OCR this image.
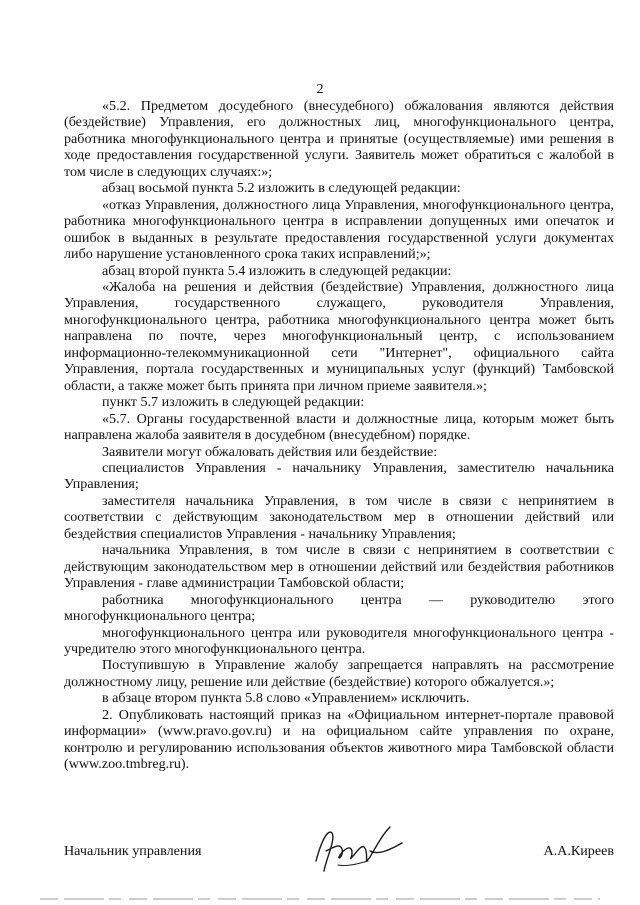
2

«5.2. Предметом досудебного (внесудебного) обжалования являются действия (бездействие) Управления, его должностных лиц, многофункционального центра, работника многофункционального центра и принятые (осуществляемые) ими решения в ходе предоставления государственной услуги. Заявитель может обратиться с жалобой в том числе в следующих случаях:»;

абзац восьмой пункта 5.2 изложить в следующей редакции:

«отказ Управления, должностного лица Управления, многофункционального центра, работника многофункционального центра в исправлении допущенных ими опечаток и ошибок в выданных в результате предоставления государственной услуги документах либо нарушение установленного срока таких исправлений;»;

абзац второй пункта 5.4 изложить в следующей редакции:

«Жалоба на решения и действия (бездействие) Управления, должностного лица Управления, государственного служащего, руководителя Управления, многофункционального центра, работника многофункционального центра может быть направлена по почте, через многофункциональный центр, с использованием информационно-телекоммуникационной сети "Интернет", официального сайта Управления, портала государственных и муниципальных услуг (функций) Тамбовской области, а также может быть принята при личном приеме заявителя.»;

пункт 5.7 изложить в следующей редакции:

«5.7. Органы государственной власти и должностные лица, которым может быть направлена жалоба заявителя в досудебном (внесудебном) порядке.

Заявители могут обжаловать действия или бездействие:

специалистов Управления - начальнику Управления, заместителю начальника Управления;

заместителя начальника Управления, в том числе в связи с непринятием в соответствии с действующим законодательством мер в отношении действий или бездействия специалистов Управления - начальнику Управления;

начальника Управления, в том числе в связи с непринятием в соответствии с действующим законодательством мер в отношении действий или бездействия работников Управления - главе администрации Тамбовской области;

работника многофункционального центра — руководителю этого многофункционального центра;

многофункционального центра или руководителя многофункционального центра - учредителю этого многофункционального центра.

Поступившую в Управление жалобу запрещается направлять на рассмотрение должностному лицу, решение или действие (бездействие) которого обжалуется.»;

в абзаце втором пункта 5.8 слово «Управлением» исключить.

2. Опубликовать настоящий приказ на «Официальном интернет-портале правовой информации» (www.pravo.gov.ru) и на официальном сайте управления по охране, контролю и регулированию использования объектов животного мира Тамбовской области (www.zoo.tmbreg.ru).

Начальник управления	А.А.Киреев
